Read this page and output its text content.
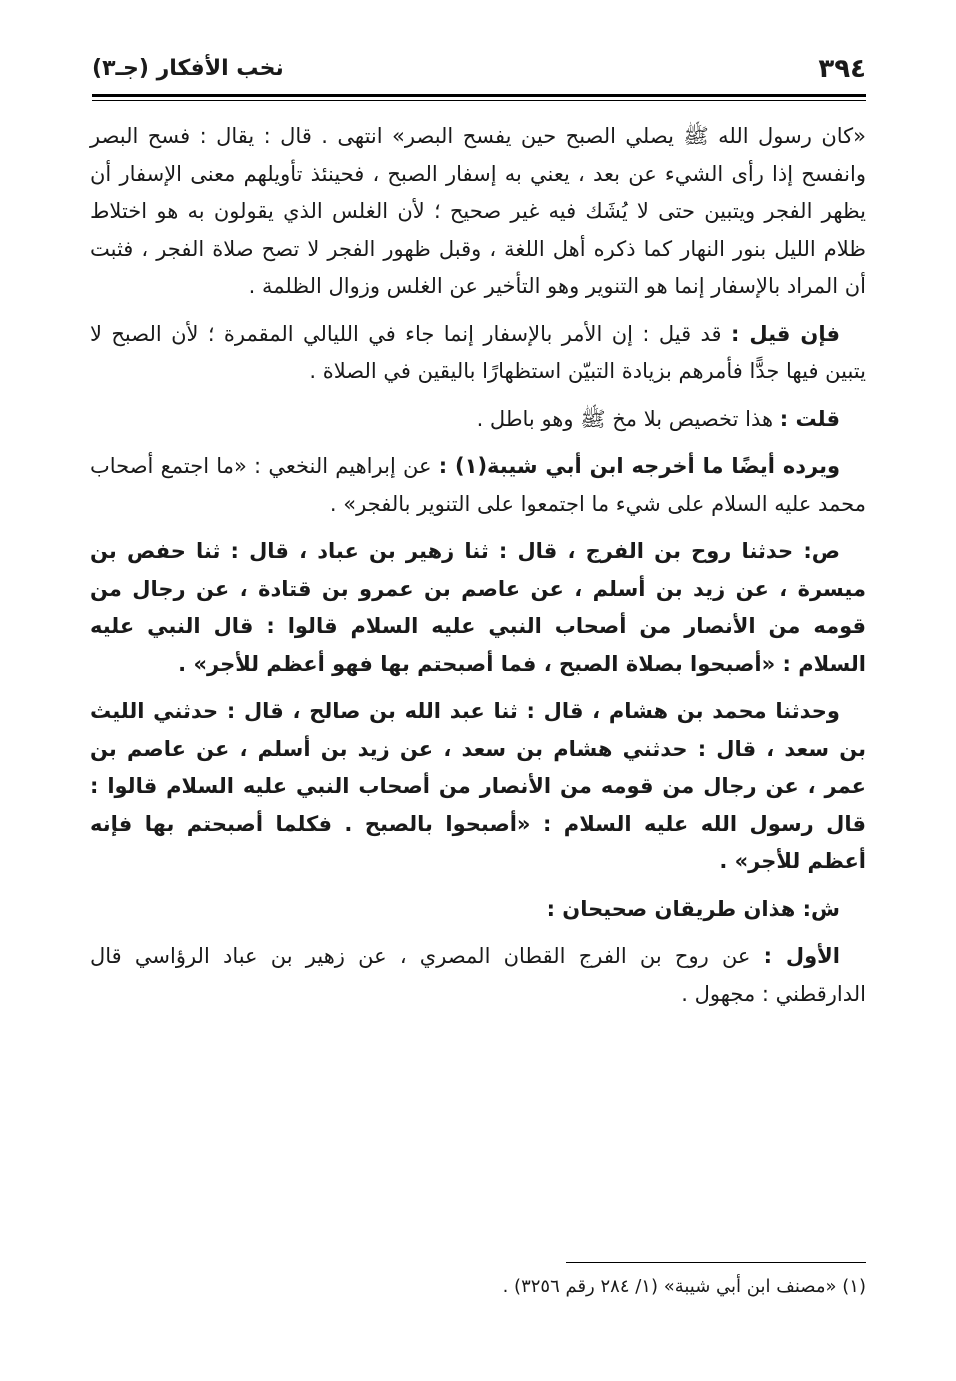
٣٩٤
نخب الأفكار (جـ٣)

«كان رسول الله ﷺ يصلي الصبح حين يفسح البصر» انتهى . قال : يقال : فسح البصر وانفسح إذا رأى الشيء عن بعد ، يعني به إسفار الصبح ، فحينئذ تأويلهم معنى الإسفار أن يظهر الفجر ويتبين حتى لا يُشَك فيه غير صحيح ؛ لأن الغلس الذي يقولون به هو اختلاط ظلام الليل بنور النهار كما ذكره أهل اللغة ، وقبل ظهور الفجر لا تصح صلاة الفجر ، فثبت أن المراد بالإسفار إنما هو التنوير وهو التأخير عن الغلس وزوال الظلمة .

فإن قيل : قد قيل : إن الأمر بالإسفار إنما جاء في الليالي المقمرة ؛ لأن الصبح لا يتبين فيها جدًّا فأمرهم بزيادة التبيّن استظهارًا باليقين في الصلاة .

قلت : هذا تخصيص بلا مخ ﷺ وهو باطل .

ويرده أيضًا ما أخرجه ابن أبي شيبة(١) : عن إبراهيم النخعي : «ما اجتمع أصحاب محمد عليه السلام على شيء ما اجتمعوا على التنوير بالفجر» .

ص: حدثنا روح بن الفرج ، قال : ثنا زهير بن عباد ، قال : ثنا حفص بن ميسرة ، عن زيد بن أسلم ، عن عاصم بن عمرو بن قتادة ، عن رجال من قومه من الأنصار من أصحاب النبي عليه السلام قالوا : قال النبي عليه السلام : «أصبحوا بصلاة الصبح ، فما أصبحتم بها فهو أعظم للأجر» .

وحدثنا محمد بن هشام ، قال : ثنا عبد الله بن صالح ، قال : حدثني الليث بن سعد ، قال : حدثني هشام بن سعد ، عن زيد بن أسلم ، عن عاصم بن عمر ، عن رجال من قومه من الأنصار من أصحاب النبي عليه السلام قالوا : قال رسول الله عليه السلام : «أصبحوا بالصبح . فكلما أصبحتم بها فإنه أعظم للأجر» .

ش: هذان طريقان صحيحان :

الأول : عن روح بن الفرج القطان المصري ، عن زهير بن عباد الرؤاسي قال الدارقطني : مجهول .

(١) «مصنف ابن أبي شيبة» (١/ ٢٨٤ رقم ٣٢٥٦) .
